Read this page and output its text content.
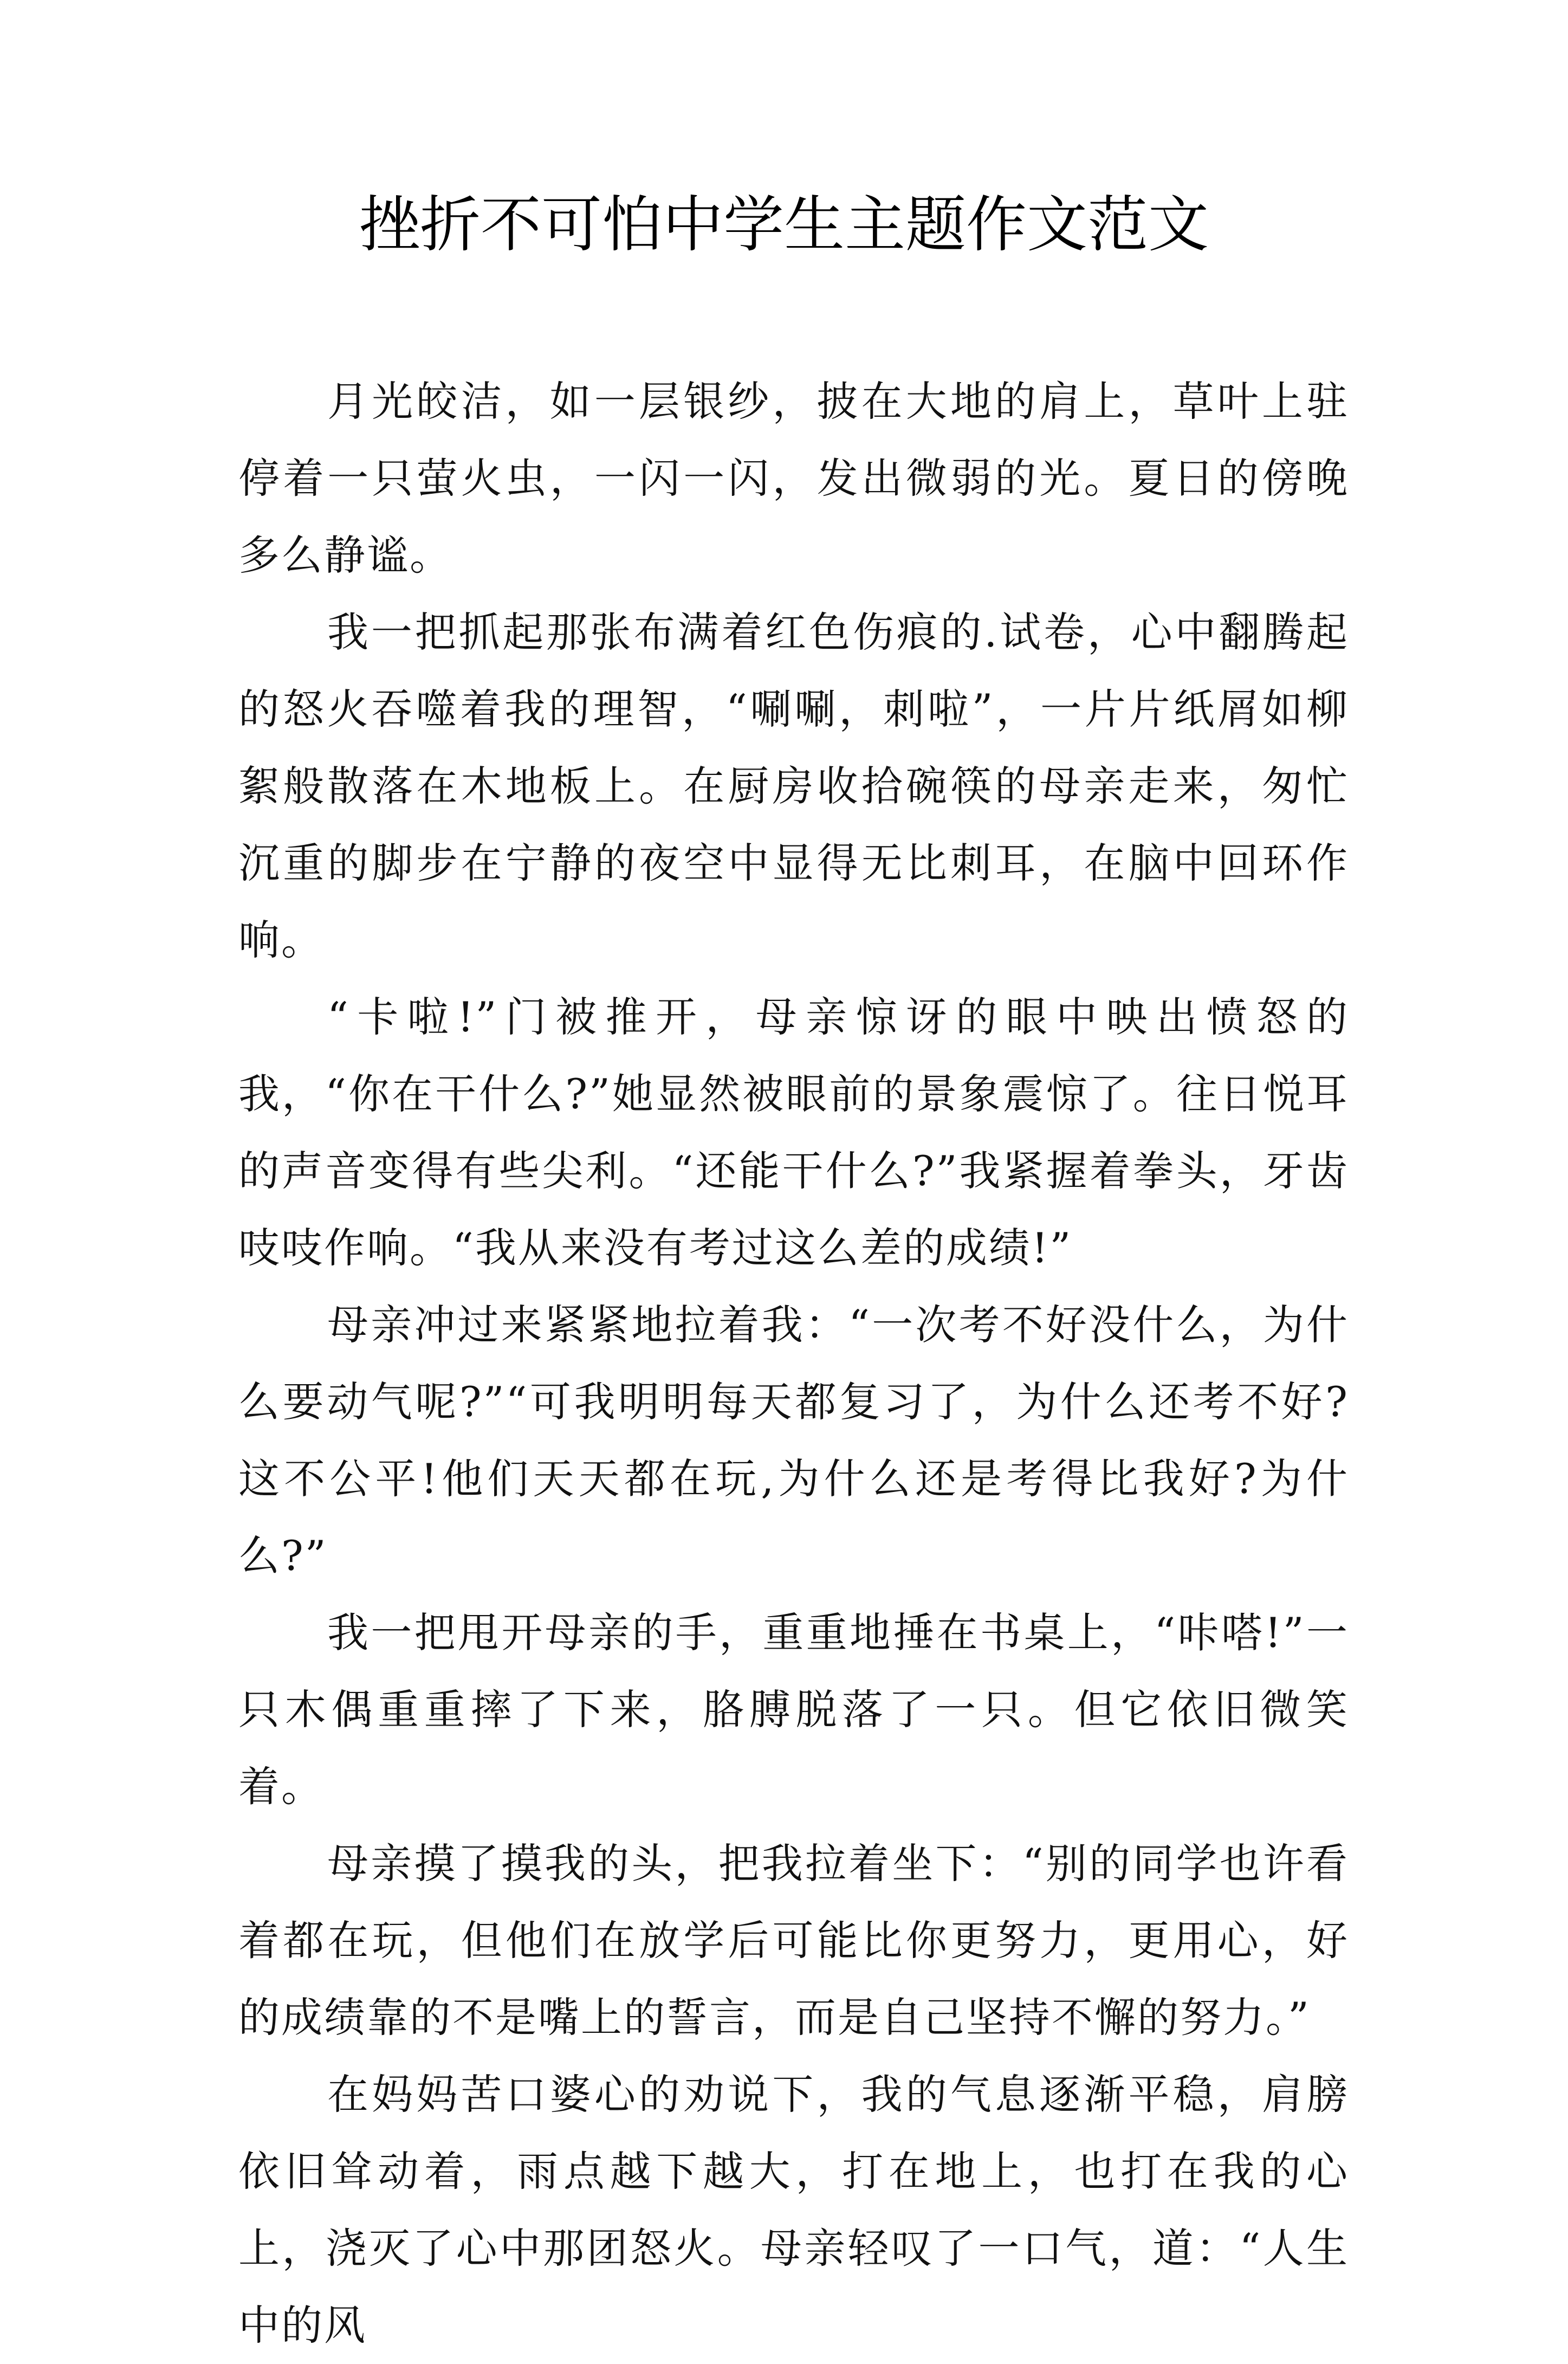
挫折不可怕中学生主题作文范文

月光皎洁，如一层银纱，披在大地的肩上，草叶上驻停着一只萤火虫，一闪一闪，发出微弱的光。夏日的傍晚多么静谧。

我一把抓起那张布满着红色伤痕的.试卷，心中翻腾起的怒火吞噬着我的理智，“唰唰，刺啦”，一片片纸屑如柳絮般散落在木地板上。在厨房收拾碗筷的母亲走来，匆忙沉重的脚步在宁静的夜空中显得无比刺耳，在脑中回环作响。

“卡啦!”门被推开，母亲惊讶的眼中映出愤怒的我，“你在干什么?”她显然被眼前的景象震惊了。往日悦耳的声音变得有些尖利。“还能干什么?”我紧握着拳头，牙齿吱吱作响。“我从来没有考过这么差的成绩!”

母亲冲过来紧紧地拉着我：“一次考不好没什么，为什么要动气呢?”“可我明明每天都复习了，为什么还考不好?这不公平!他们天天都在玩,为什么还是考得比我好?为什么?”

我一把甩开母亲的手，重重地捶在书桌上，“咔嗒!”一只木偶重重摔了下来，胳膊脱落了一只。但它依旧微笑着。

母亲摸了摸我的头，把我拉着坐下：“别的同学也许看着都在玩，但他们在放学后可能比你更努力，更用心，好的成绩靠的不是嘴上的誓言，而是自己坚持不懈的努力。”

在妈妈苦口婆心的劝说下，我的气息逐渐平稳，肩膀依旧耸动着，雨点越下越大，打在地上，也打在我的心上，浇灭了心中那团怒火。母亲轻叹了一口气，道：“人生中的风
